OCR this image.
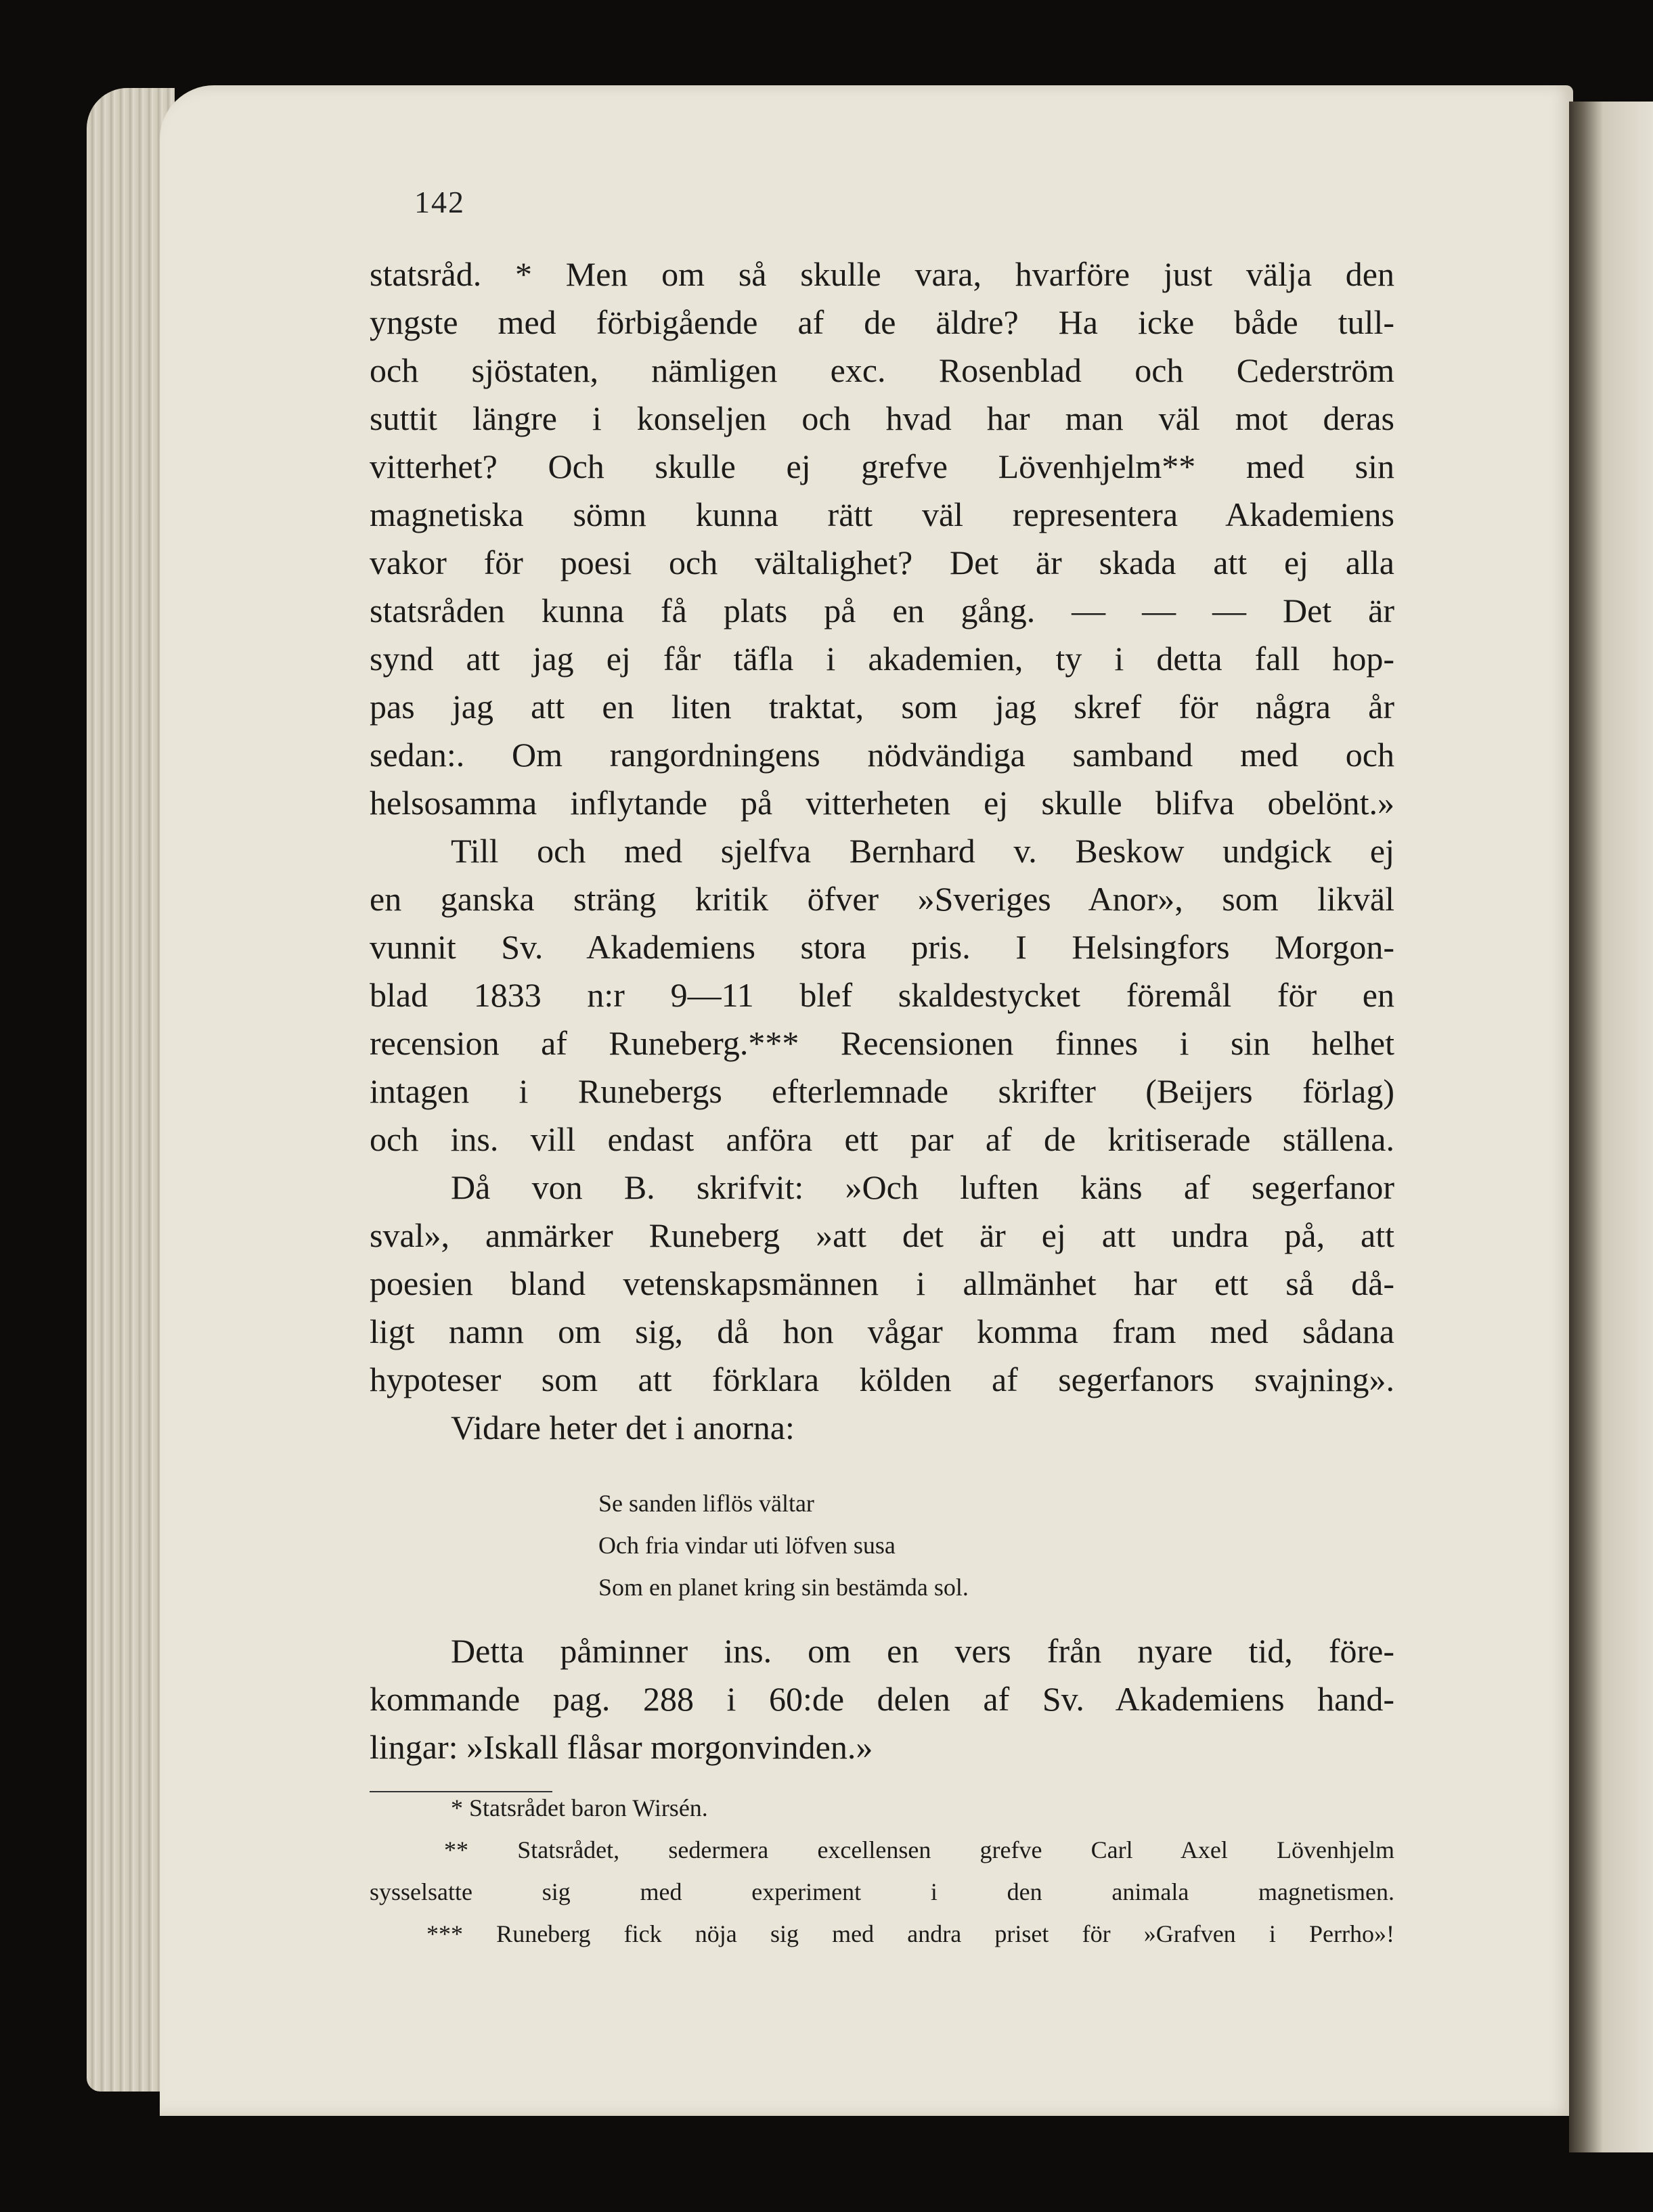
142
statsråd. * Men om så skulle vara, hvarföre just välja den
yngste med förbigående af de äldre? Ha icke både tull-
och sjöstaten, nämligen exc. Rosenblad och Cederström
suttit längre i konseljen och hvad har man väl mot deras
vitterhet? Och skulle ej grefve Lövenhjelm** med sin
magnetiska sömn kunna rätt väl representera Akademiens
vakor för poesi och vältalighet? Det är skada att ej alla
statsråden kunna få plats på en gång. — — — Det är
synd att jag ej får täfla i akademien, ty i detta fall hop-
pas jag att en liten traktat, som jag skref för några år
sedan:. Om rangordningens nödvändiga samband med och
helsosamma inflytande på vitterheten ej skulle blifva obelönt.»
Till och med sjelfva Bernhard v. Beskow undgick ej
en ganska sträng kritik öfver »Sveriges Anor», som likväl
vunnit Sv. Akademiens stora pris. I Helsingfors Morgon-
blad 1833 n:r 9—11 blef skaldestycket föremål för en
recension af Runeberg.*** Recensionen finnes i sin helhet
intagen i Runebergs efterlemnade skrifter (Beijers förlag)
och ins. vill endast anföra ett par af de kritiserade ställena.
Då von B. skrifvit: »Och luften käns af segerfanor
sval», anmärker Runeberg »att det är ej att undra på, att
poesien bland vetenskapsmännen i allmänhet har ett så då-
ligt namn om sig, då hon vågar komma fram med sådana
hypoteser som att förklara kölden af segerfanors svajning».
Vidare heter det i anorna:
Se sanden liflös vältar
Och fria vindar uti löfven susa
Som en planet kring sin bestämda sol.
Detta påminner ins. om en vers från nyare tid, före-
kommande pag. 288 i 60:de delen af Sv. Akademiens hand-
lingar: »Iskall flåsar morgonvinden.»
* Statsrådet baron Wirsén.
** Statsrådet, sedermera excellensen grefve Carl Axel Lövenhjelm
sysselsatte sig med experiment i den animala magnetismen.
*** Runeberg fick nöja sig med andra priset för »Grafven i Perrho»!
